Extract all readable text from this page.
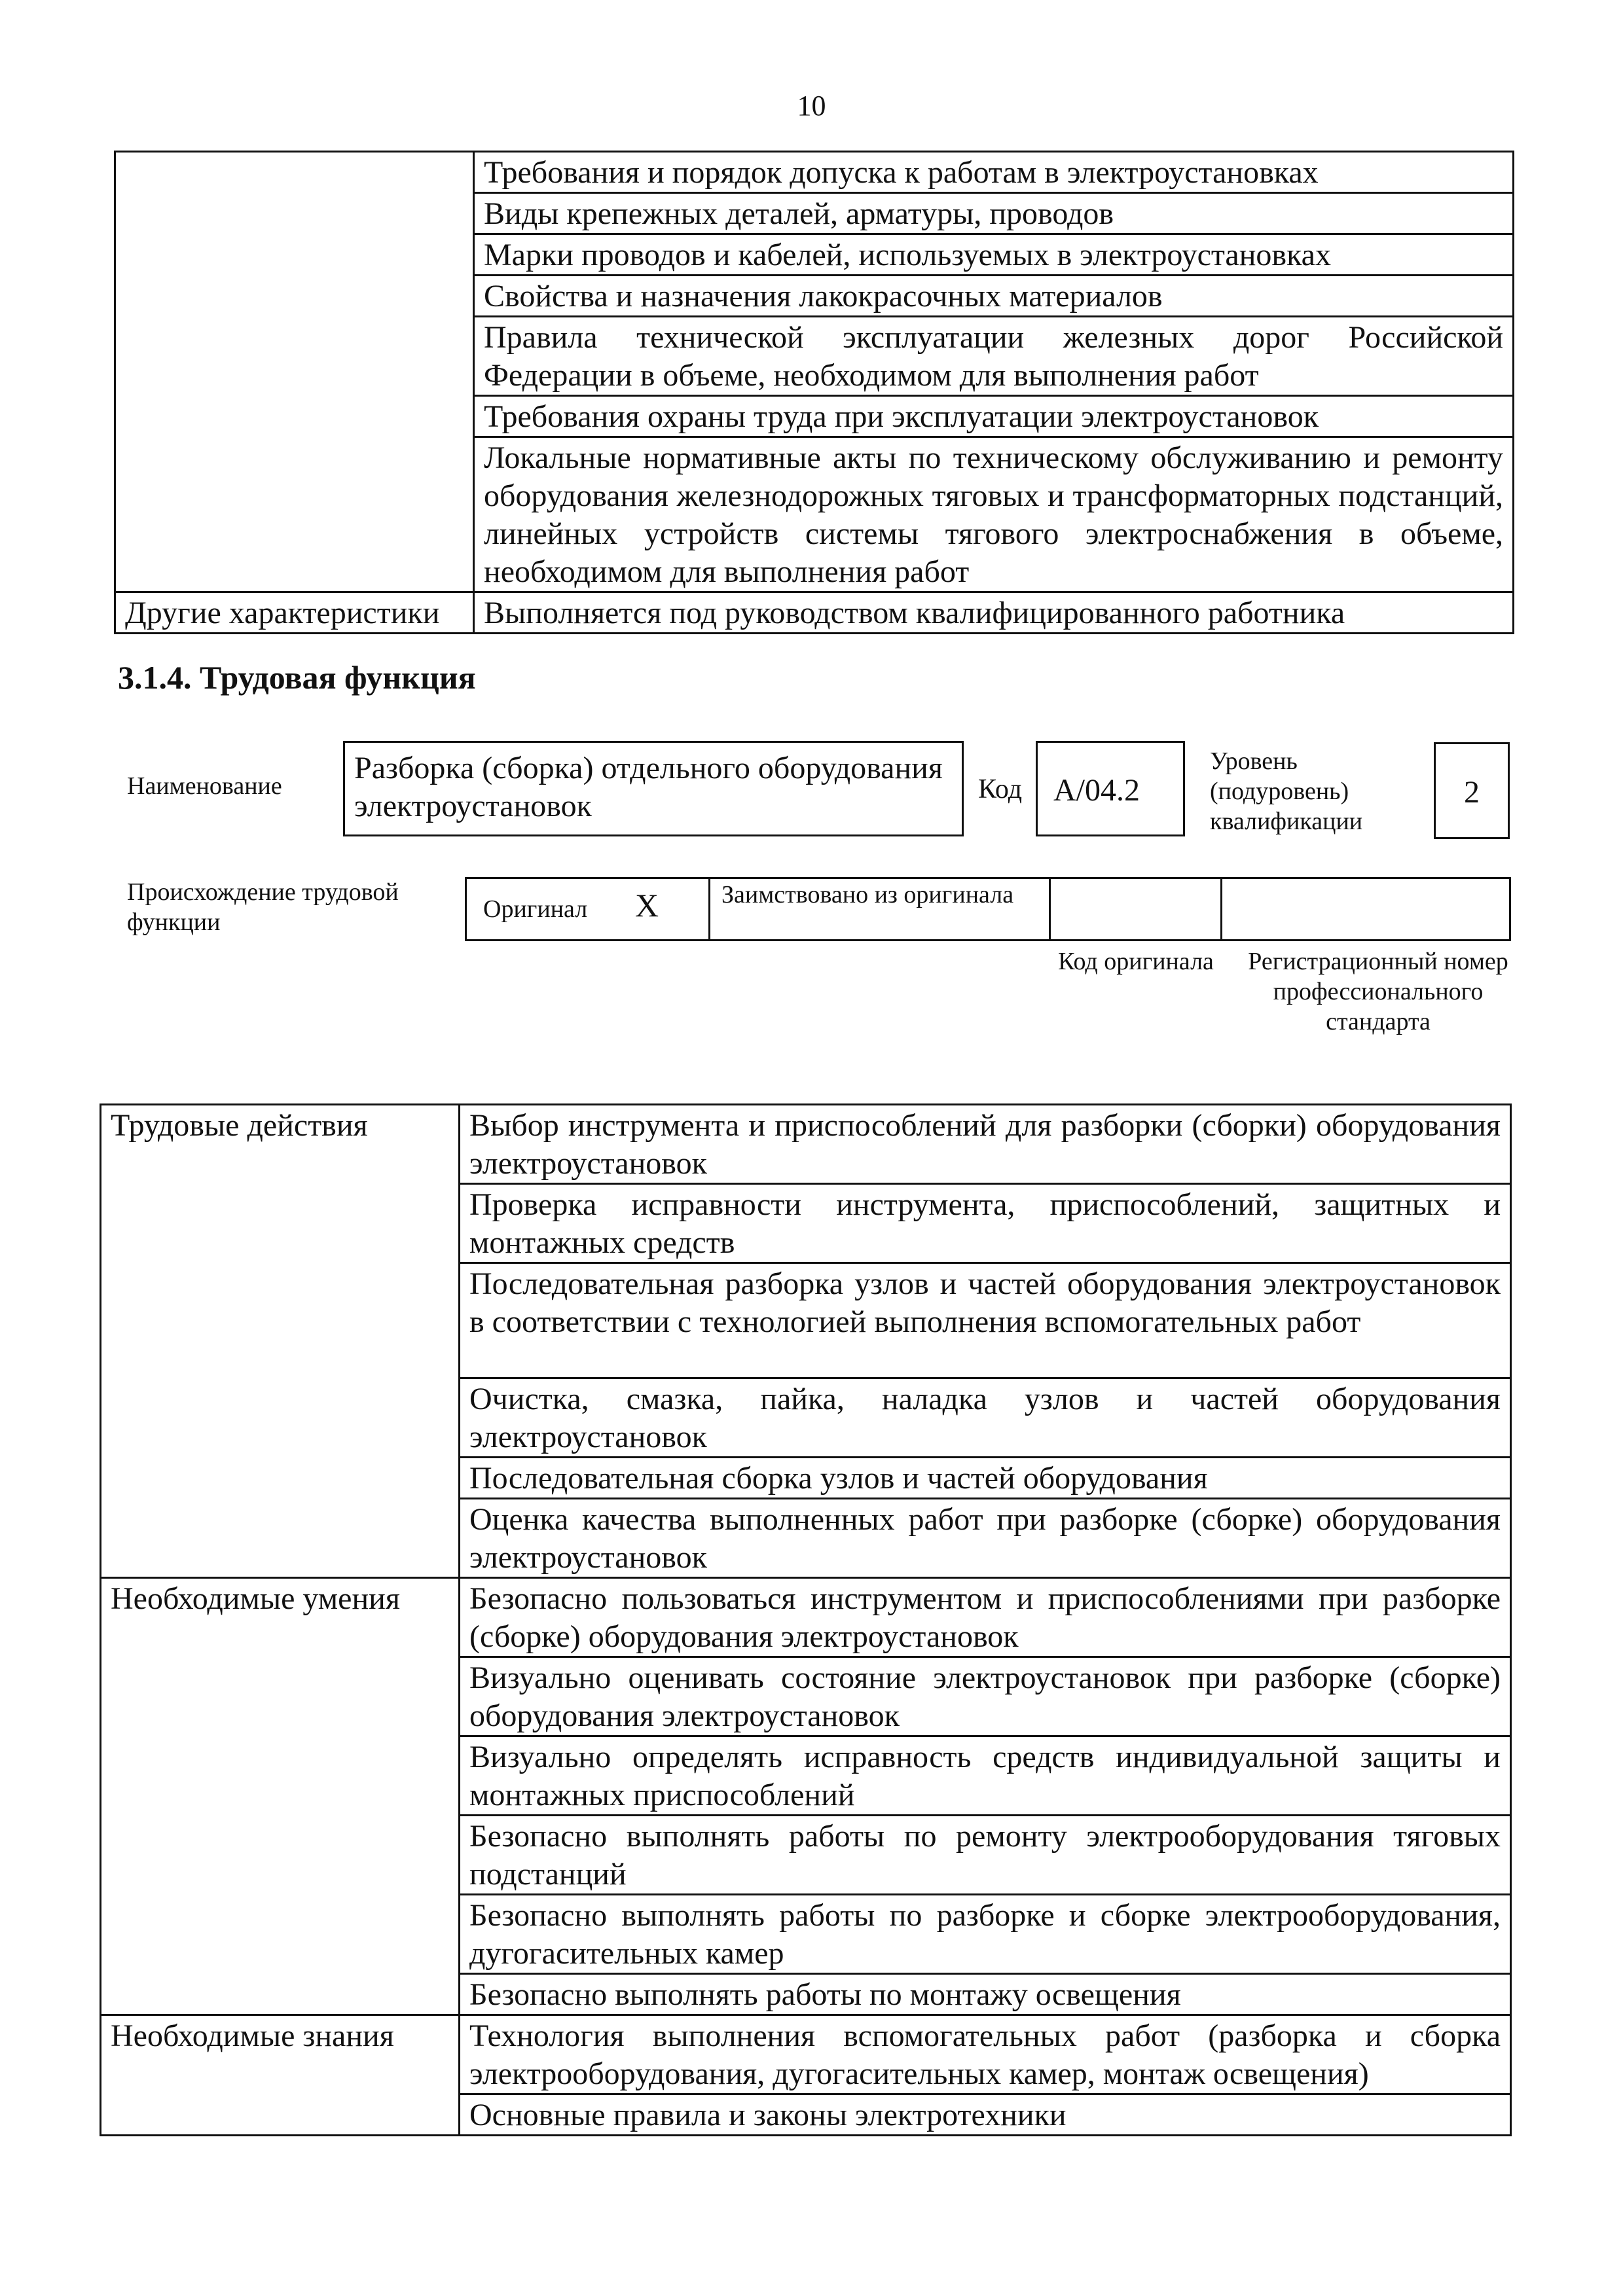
10
	Требования и порядок допуска к работам в электроустановках
	Виды крепежных деталей, арматуры, проводов
	Марки проводов и кабелей, используемых в электроустановках
	Свойства и назначения лакокрасочных материалов
	Правила технической эксплуатации железных дорог Российской Федерации в объеме, необходимом для выполнения работ
	Требования охраны труда при эксплуатации электроустановок
	Локальные нормативные акты по техническому обслуживанию и ремонту оборудования железнодорожных тяговых и трансформаторных подстанций, линейных устройств системы тягового электроснабжения в объеме, необходимом для выполнения работ
Другие характеристики	Выполняется под руководством квалифицированного работника
3.1.4. Трудовая функция
Наименование
Разборка (сборка) отдельного оборудования электроустановок	Код A/04.2
Уровень (подуровень) квалификации
2
Происхождение трудовой функции	Оригинал X	Заимствовано из оригинала
Код оригинала	Регистрационный номер профессионального стандарта
Трудовые действия	Выбор инструмента и приспособлений для разборки (сборки) оборудования электроустановок
	Проверка исправности инструмента, приспособлений, защитных и монтажных средств
	Последовательная разборка узлов и частей оборудования электроустановок в соответствии с технологией выполнения вспомогательных работ
	Очистка, смазка, пайка, наладка узлов и частей оборудования электроустановок
	Последовательная сборка узлов и частей оборудования
	Оценка качества выполненных работ при разборке (сборке) оборудования электроустановок
Необходимые умения	Безопасно пользоваться инструментом и приспособлениями при разборке (сборке) оборудования электроустановок
	Визуально оценивать состояние электроустановок при разборке (сборке) оборудования электроустановок
	Визуально определять исправность средств индивидуальной защиты и монтажных приспособлений
	Безопасно выполнять работы по ремонту электрооборудования тяговых подстанций
	Безопасно выполнять работы по разборке и сборке электрооборудования, дугогасительных камер
	Безопасно выполнять работы по монтажу освещения
Необходимые знания	Технология выполнения вспомогательных работ (разборка и сборка электрооборудования, дугогасительных камер, монтаж освещения)
	Основные правила и законы электротехники
